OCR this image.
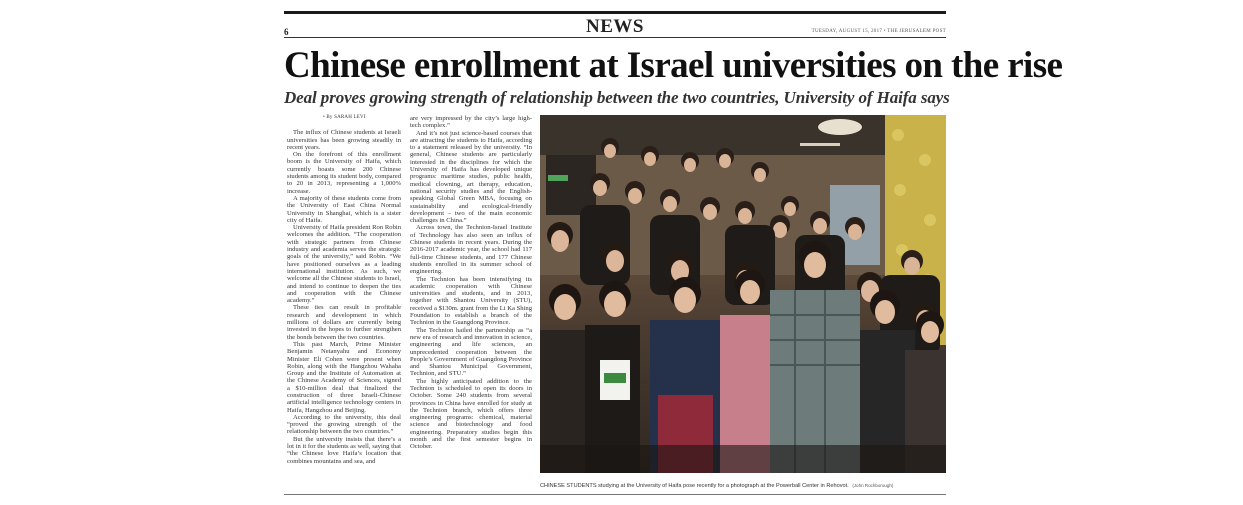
6	NEWS	TUESDAY, AUGUST 15, 2017 • THE JERUSALEM POST
Chinese enrollment at Israel universities on the rise
Deal proves growing strength of relationship between the two countries, University of Haifa says
• By SARAH LEVI

The influx of Chinese students at Israeli universities has been growing steadily in recent years.

On the forefront of this enrollment boom is the University of Haifa, which currently boasts some 200 Chinese students among its student body, compared to 20 in 2013, representing a 1,000% increase.

A majority of these students come from the University of East China Normal University in Shanghai, which is a sister city of Haifa.

University of Haifa president Ron Robin welcomes the addition. “The cooperation with strategic partners from Chinese industry and academia serves the strategic goals of the university,” said Robin. “We have positioned ourselves as a leading international institution. As such, we welcome all the Chinese students to Israel, and intend to continue to deepen the ties and cooperation with the Chinese academy.”

These ties can result in profitable research and development in which millions of dollars are currently being invested in the hopes to further strengthen the bonds between the two countries.

This past March, Prime Minister Benjamin Netanyahu and Economy Minister Eli Cohen were present when Robin, along with the Hangzhou Wahaha Group and the Institute of Automation at the Chinese Academy of Sciences, signed a $10-million deal that finalized the construction of three Israeli-Chinese artificial intelligence technology centers in Haifa, Hangzhou and Beijing.

According to the university, this deal “proved the growing strength of the relationship between the two countries.”

But the university insists that there’s a lot in it for the students as well, saying that “the Chinese love Haifa’s location that combines mountains and sea, and

are very impressed by the city’s large high-tech complex.”

And it’s not just science-based courses that are attracting the students to Haifa, according to a statement released by the university. “In general, Chinese students are particularly interested in the disciplines for which the University of Haifa has developed unique programs: maritime studies, public health, medical clowning, art therapy, education, national security studies and the English-speaking Global Green MBA, focusing on sustainability and ecological-friendly development – two of the main economic challenges in China.”

Across town, the Technion-Israel Institute of Technology has also seen an influx of Chinese students in recent years. During the 2016-2017 academic year, the school had 117 full-time Chinese students, and 177 Chinese students enrolled in its summer school of engineering.

The Technion has been intensifying its academic cooperation with Chinese universities and students, and in 2013, together with Shantou University (STU), received a $130m. grant from the Li Ka Shing Foundation to establish a branch of the Technion in the Guangdong Province.

The Technion hailed the partnership as “a new era of research and innovation in science, engineering and life sciences, an unprecedented cooperation between the People’s Government of Guangdong Province and Shantou Municipal Government, Technion, and STU.”

The highly anticipated addition to the Technion is scheduled to open its doors in October. Some 240 students from several provinces in China have enrolled for study at the Technion branch, which offers three engineering programs: chemical, material science and biotechnology and food engineering. Preparatory studies begin this month and the first semester begins in October.

CHINESE STUDENTS studying at the University of Haifa pose recently for a photograph at the Powerball Center in Rehovot. (John Rochborough)
